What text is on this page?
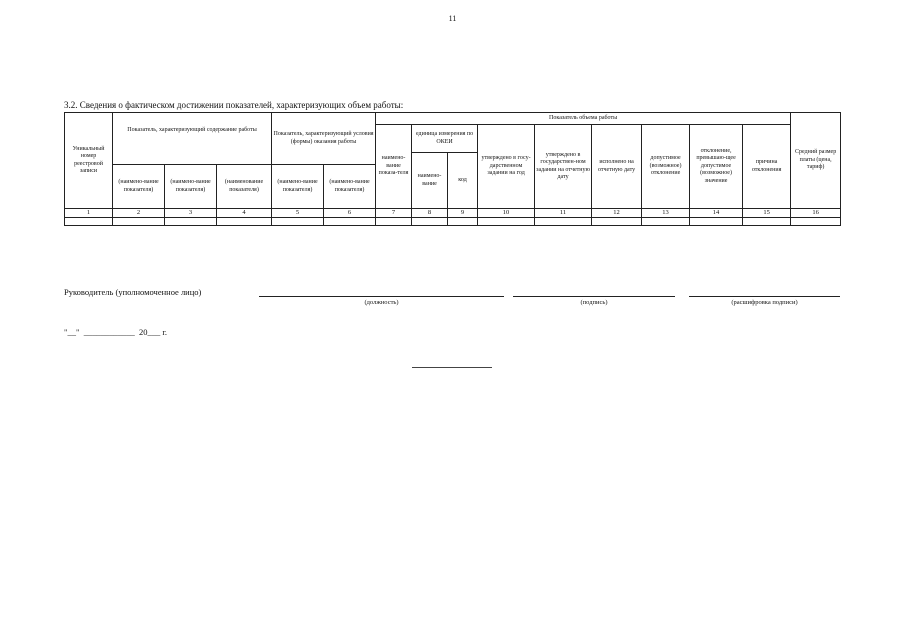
11
3.2. Сведения о фактическом достижении показателей, характеризующих объем работы:
Уникальный номер реестровой записи	Показатель, характеризующий содержание работы			Показатель, характеризующий условия (формы) оказания работы		Показатель объема работы									Средний размер платы (цена, тариф)
						наимено-вание показа-теля	единица измерения по ОКЕИ		утверждено в госу-дарственном задании на год	утверждено в государствен-ном задании на отчетную дату	исполнено на отчетную дату	допустимое (возможное) отклонение	отклонение, превышаю-щее допустимое (возможное) значение	причина отклонения	
							наимено-вание	код							
	(наимено-вание показателя)	(наимено-вание показателя)	(наименование показателя)	(наимено-вание показателя)	(наимено-вание показателя)										
1	2	3	4	5	6	7	8	9	10	11	12	13	14	15	16

Руководитель (уполномоченное лицо)
(должность)	(подпись)	(расшифровка подписи)
"__"  ____________  20___ г.
